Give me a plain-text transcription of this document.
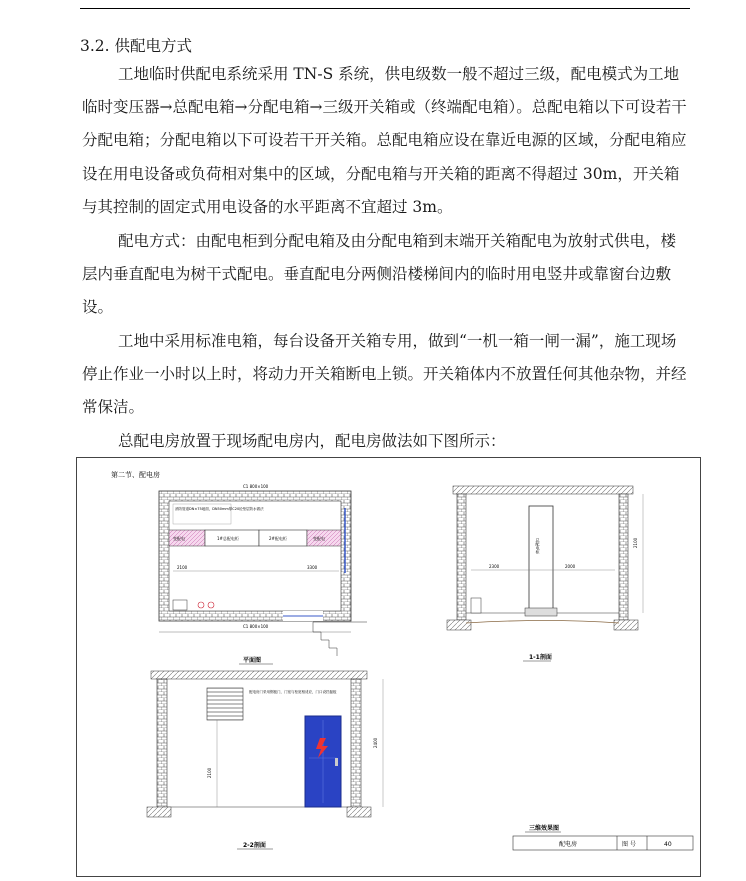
3.2. 供配电方式

工地临时供配电系统采用 TN-S 系统，供电级数一般不超过三级，配电模式为工地临时变压器→总配电箱→分配电箱→三级开关箱或（终端配电箱）。总配电箱以下可设若干分配电箱；分配电箱以下可设若干开关箱。总配电箱应设在靠近电源的区域，分配电箱应设在用电设备或负荷相对集中的区域，分配电箱与开关箱的距离不得超过 30m，开关箱与其控制的固定式用电设备的水平距离不宜超过 3m。

配电方式：由配电柜到分配电箱及由分配电箱到末端开关箱配电为放射式供电，楼层内垂直配电为树干式配电。垂直配电分两侧沿楼梯间内的临时用电竖井或靠窗台边敷设。

工地中采用标准电箱，每台设备开关箱专用，做到“一机一箱一闸一漏”，施工现场停止作业一小时以上时，将动力开关箱断电上锁。开关箱体内不放置任何其他杂物，并经常保洁。

总配电房放置于现场配电房内，配电房做法如下图所示：

第二节、配电房
变配电	1#总配电柜	2#配电柜	变配电
消防管道DN×75地面，DN50mm厚C20砼垫层防水做法
C1 800×100
C1 800×100
2100	3300
平面图
总配电柜
2300	2000
2100
1-1剖面
配电房门采用钢板门，门宽与柜宽相适应，门口设挡鼠板
2400
2100
2-2剖面
三维效果图
配电房	图 号	40
